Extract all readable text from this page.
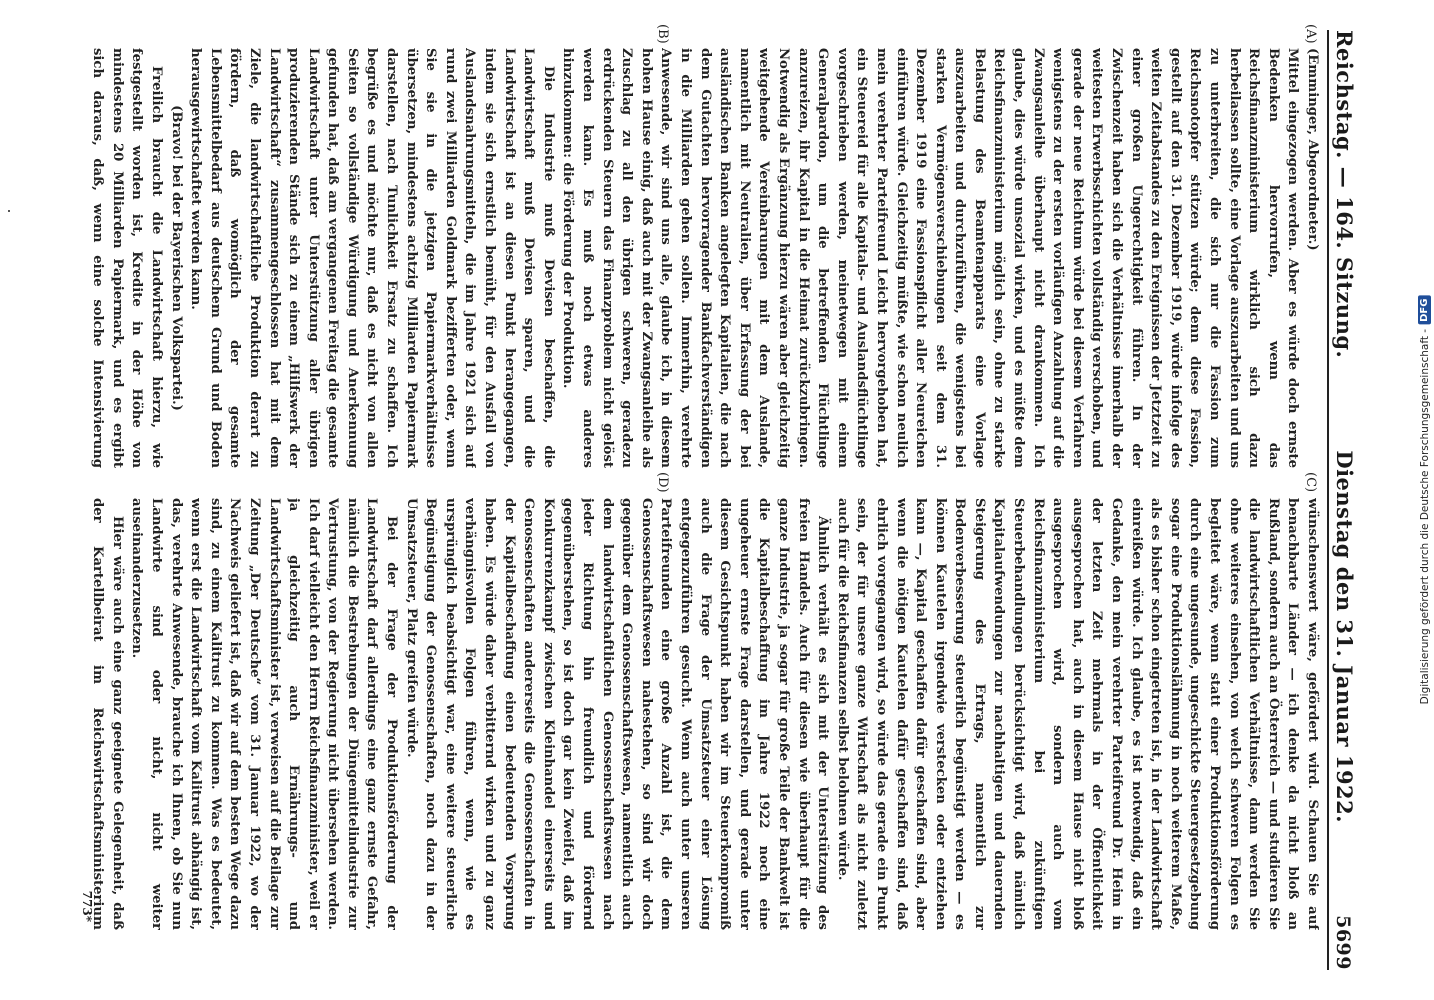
Reichstag. — 164. Sitzung.
Dienstag den 31. Januar 1922.
5699
(A)
(B)
(C)
(D)

(Emminger, Abgeordneter.)

Mittel eingezogen werden. Aber es würde doch ernste Bedenken hervorrufen, wenn das Reichsfinanzministerium wirklich sich dazu herbeilassen sollte, eine Vorlage auszuarbeiten und uns zu unterbreiten, die sich nur die Fassion zum Reichsnotopfer stützen würde; denn diese Fassion, gestellt auf den 31. Dezember 1919, würde infolge des weiten Zeitabstandes zu den Ereignissen der Jetztzeit zu einer großen Ungerechtigkeit führen. In der Zwischenzeit haben sich die Verhältnisse innerhalb der weitesten Erwerbsschichten vollständig verschoben, und gerade der neue Reichtum würde bei diesem Verfahren wenigstens zu der ersten vorläufigen Anzahlung auf die Zwangsanleihe überhaupt nicht drankommen. Ich glaube, dies würde unsozial wirken, und es müßte dem Reichsfinanzministerium möglich sein, ohne zu starke Belastung des Beamtenapparats eine Vorlage auszuarbeiten und durchzuführen, die wenigstens bei starken Vermögensverschiebungen seit dem 31. Dezember 1919 eine Fassionspflicht aller Neureichen einführen würde. Gleichzeitig müßte, wie schon neulich mein verehrter Parteifreund Leicht hervorgehoben hat, ein Steuereid für alle Kapitals- und Auslandsflüchtlinge vorgeschrieben werden, meinetwegen mit einem Generalpardon, um die betreffenden Flüchtlinge anzureizen, ihr Kapital in die Heimat zurückzubringen. Notwendig als Ergänzung hierzu wären aber gleichzeitig weitgehende Vereinbarungen mit dem Auslande, namentlich mit Neutralien, über Erfassung der bei ausländischen Banken angelegten Kapitalien, die nach dem Gutachten hervorragender Bankfachverständigen in die Milliarden gehen sollen. Immerhin, verehrte Anwesende, wir sind uns alle, glaube ich, in diesem hohen Hause einig, daß auch mit der Zwangsanleihe als Zuschlag zu all den übrigen schweren, geradezu erdrückenden Steuern das Finanzproblem nicht gelöst werden kann. Es muß noch etwas anderes hinzukommen: die Förderung der Produktion.

Die Industrie muß Devisen beschaffen, die Landwirtschaft muß Devisen sparen, und die Landwirtschaft ist an diesen Punkt herangegangen, indem sie sich ernstlich bemüht, für den Ausfall von Auslandsnahrungsmitteln, die im Jahre 1921 sich auf rund zwei Milliarden Goldmark bezifferten oder, wenn Sie sie in die jetzigen Papiermarkverhältnisse übersetzen, mindestens achtzig Milliarden Papiermark darstellen, nach Tunlichkeit Ersatz zu schaffen. Ich begrüße es und möchte nur, daß es nicht von allen Seiten so vollständige Würdigung und Anerkennung gefunden hat, daß am vergangenen Freitag die gesamte Landwirtschaft unter Unterstützung aller übrigen produzierenden Stände sich zu einem „Hilfswerk der Landwirtschaft“ zusammengeschlossen hat mit dem Ziele, die landwirtschaftliche Produktion derart zu fördern, daß womöglich der gesamte Lebensmittelbedarf aus deutschem Grund und Boden herausgewirtschaftet werden kann.

(Bravo! bei der Bayerischen Volkspartei.)

Freilich braucht die Landwirtschaft hierzu, wie festgestellt worden ist, Kredite in der Höhe von mindestens 20 Milliarden Papiermark, und es ergibt sich daraus, daß, wenn eine solche Intensivierung

wünschenswert wäre, gefördert wird. Schauen Sie auf benachbarte Länder — ich denke da nicht bloß an Rußland, sondern auch an Österreich — und studieren Sie die landwirtschaftlichen Verhältnisse, dann werden Sie ohne weiteres einsehen, von welch schweren Folgen es begleitet wäre, wenn statt einer Produktionsförderung durch eine ungesunde, ungeschickte Steuergesetzgebung sogar eine Produktionslähmung in noch weiterem Maße, als es bisher schon eingetreten ist, in der Landwirtschaft einreißen würde. Ich glaube, es ist notwendig, daß ein Gedanke, den mein verehrter Parteifreund Dr. Heim in der letzten Zeit mehrmals in der Öffentlichkeit ausgesprochen hat, auch in diesem Hause nicht bloß ausgesprochen wird, sondern auch vom Reichsfinanzministerium bei zukünftigen Steuerbehandlungen berücksichtigt wird, daß nämlich Kapitalaufwendungen zur nachhaltigen und dauernden Steigerung des Ertrags, namentlich zur Bodenverbesserung steuerlich begünstigt werden — es können Kautelen irgendwie verstecken oder entziehen kann —, Kapital geschaffen dafür geschaffen sind, aber wenn die nötigen Kautelen dafür geschaffen sind, daß ehrlich vorgegangen wird, so würde das gerade ein Punkt sein, der für unsere ganze Wirtschaft als nicht zuletzt auch für die Reichsfinanzen selbst belohnen würde.

Ähnlich verhält es sich mit der Unterstützung des freien Handels. Auch für diesen wie überhaupt für die ganze Industrie, ja sogar für große Teile der Bankwelt ist die Kapitalbeschaffung im Jahre 1922 noch eine ungeheuer ernste Frage darstellen, und gerade unter diesem Gesichtspunkt haben wir im Steuerkompromiß auch die Frage der Umsatzsteuer einer Lösung entgegenzuführen gesucht. Wenn auch unter unseren Parteifreunden eine große Anzahl ist, die dem Genossenschaftswesen nahestehen, so sind wir doch gegenüber dem Genossenschaftswesen, namentlich auch dem landwirtschaftlichen Genossenschaftswesen nach jeder Richtung hin freundlich und fördernd gegenüberstehen, so ist doch gar kein Zweifel, daß im Konkurrenzkampf zwischen Kleinhandel einerseits und Genossenschaften andererseits die Genossenschaften in der Kapitalbeschaffung einen bedeutenden Vorsprung haben. Es würde daher verbitternd wirken und zu ganz verhängnisvollen Folgen führen, wenn, wie es ursprünglich beabsichtigt war, eine weitere steuerliche Begünstigung der Genossenschaften, noch dazu in der Umsatzsteuer, Platz greifen würde.

Bei der Frage der Produktionsförderung der Landwirtschaft darf allerdings eine ganz ernste Gefahr, nämlich die Bestrebungen der Düngemittelindustrie zur Vertrustung, von der Regierung nicht übersehen werden. Ich darf vielleicht den Herrn Reichsfinanzminister, weil er ja gleichzeitig auch Ernährungs- und Landwirtschaftsminister ist, verweisen auf die Beilage zur Zeitung „Der Deutsche“ vom 31. Januar 1922, wo der Nachweis geliefert ist, daß wir auf dem besten Wege dazu sind, zu einem Kalitrust zu kommen. Was es bedeutet, wenn erst die Landwirtschaft vom Kalitrust abhängig ist, das, verehrte Anwesende, brauche ich Ihnen, ob Sie nun Landwirte sind oder nicht, nicht weiter auseinanderzusetzen.

Hier wäre auch eine ganz geeignete Gelegenheit, daß der Kartellbeirat im Reichswirtschaftsministerium

773*
Digitalisierung gefördert durch die Deutsche Forschungsgemeinschaft -
DFG
